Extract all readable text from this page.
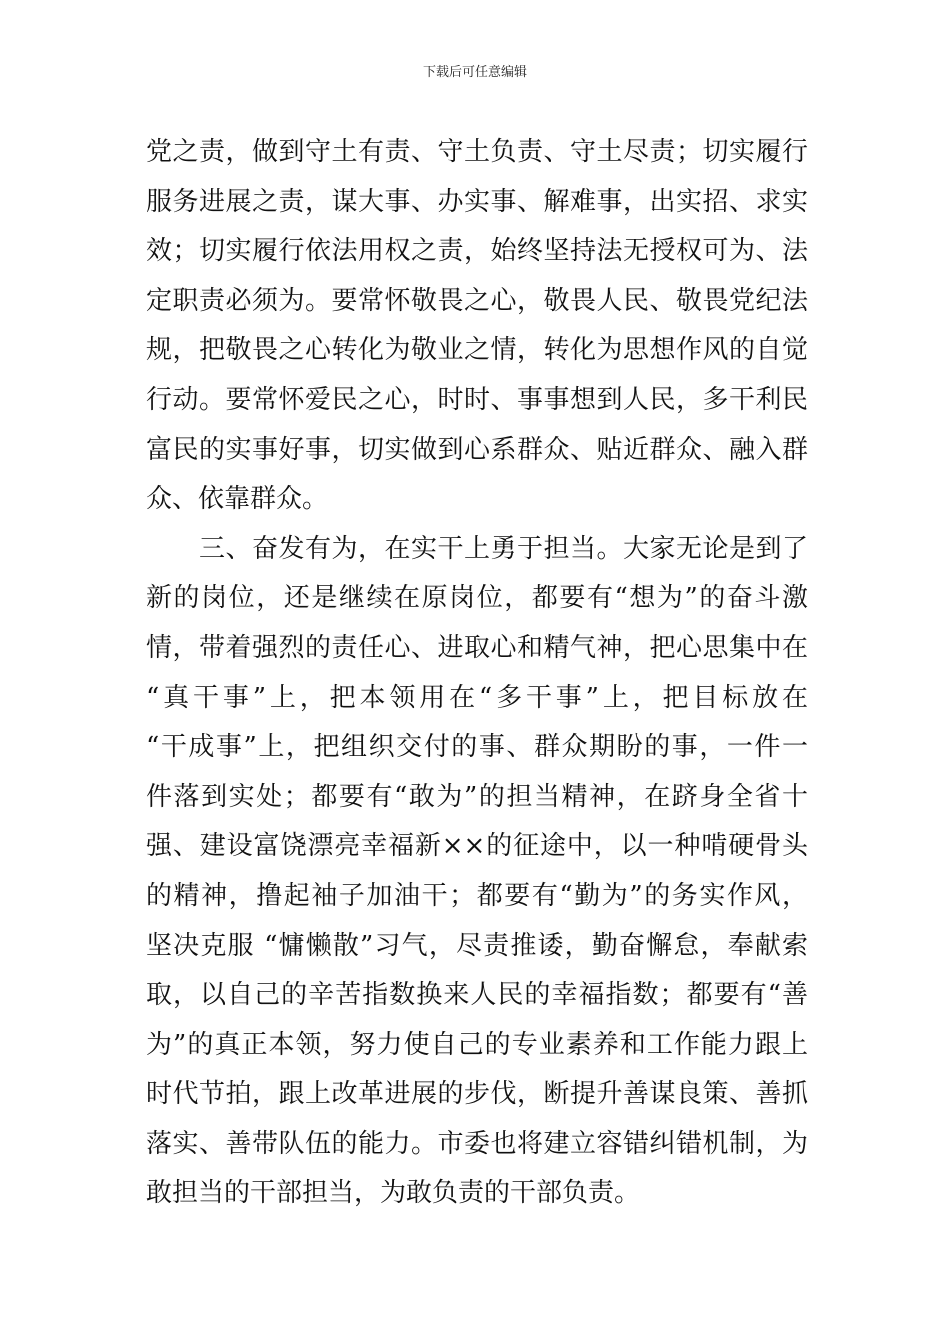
下载后可任意编辑
党之责，做到守土有责、守土负责、守土尽责；切实履行
服务进展之责，谋大事、办实事、解难事，出实招、求实
效；切实履行依法用权之责，始终坚持法无授权可为、法
定职责必须为。要常怀敬畏之心，敬畏人民、敬畏党纪法
规，把敬畏之心转化为敬业之情，转化为思想作风的自觉
行动。要常怀爱民之心，时时、事事想到人民，多干利民
富民的实事好事，切实做到心系群众、贴近群众、融入群
众、依靠群众。
　　三、奋发有为，在实干上勇于担当。大家无论是到了
新的岗位，还是继续在原岗位，都要有“想为”的奋斗激
情，带着强烈的责任心、进取心和精气神，把心思集中在
“真干事”上，把本领用在“多干事”上，把目标放在
“干成事”上，把组织交付的事、群众期盼的事，一件一
件落到实处；都要有“敢为”的担当精神，在跻身全省十
强、建设富饶漂亮幸福新××的征途中，以一种啃硬骨头
的精神，撸起袖子加油干；都要有“勤为”的务实作风，
坚决克服 “慵懒散”习气，尽责推诿，勤奋懈怠，奉献索
取，以自己的辛苦指数换来人民的幸福指数；都要有“善
为”的真正本领，努力使自己的专业素养和工作能力跟上
时代节拍，跟上改革进展的步伐，断提升善谋良策、善抓
落实、善带队伍的能力。市委也将建立容错纠错机制，为
敢担当的干部担当，为敢负责的干部负责。
